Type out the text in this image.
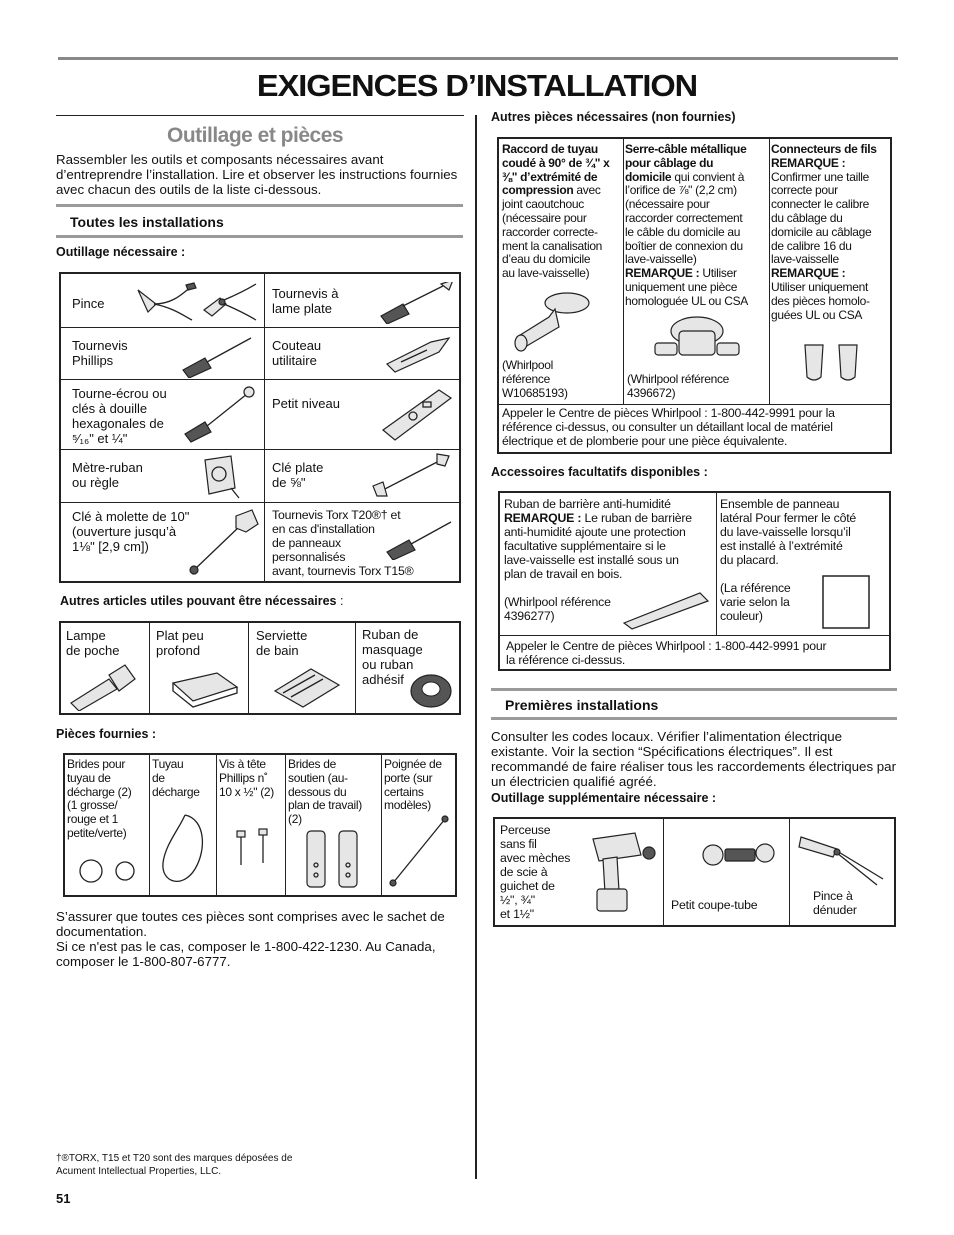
EXIGENCES D’INSTALLATION
Outillage et pièces
Rassembler les outils et composants nécessaires avant d’entreprendre l’installation. Lire et observer les instructions fournies avec chacun des outils de la liste ci-dessous.
Toutes les installations
Outillage nécessaire :
Pince
Tournevis à
lame plate
Tournevis
Phillips
Couteau
utilitaire
Tourne-écrou ou
clés à douille
hexagonales de
⁵⁄₁₆" et ¼"
Petit niveau
Mètre-ruban
ou règle
Clé plate
de ⅝"
Clé à molette de 10"
(ouverture jusqu’à
1⅛" [2,9 cm])
Tournevis Torx T20®† et
en cas d'installation
de panneaux
personnalisés
avant, tournevis Torx T15®
Autres articles utiles pouvant être nécessaires :
Lampe
de poche
Plat peu
profond
Serviette
de bain
Ruban de
masquage
ou ruban
adhésif
Pièces fournies :
Brides pour
tuyau de
décharge (2)
(1 grosse/
rouge et 1
petite/verte)
Tuyau
de
décharge
Vis à tête
Phillips n˚
10 x ½" (2)
Brides de
soutien (au-
dessous du
plan de travail)
(2)
Poignée de
porte (sur
certains
modèles)
S’assurer que toutes ces pièces sont comprises avec le sachet de documentation.
Si ce n'est pas le cas, composer le 1-800-422-1230. Au Canada, composer le 1-800-807-6777.
†®TORX, T15 et T20 sont des marques déposées de
Acument Intellectual Properties, LLC.
51
Autres pièces nécessaires (non fournies)
Raccord de tuyau
coudé à 90° de ¾" x
⅜" d’extrémité de
compression avec
joint caoutchouc
(nécessaire pour
raccorder correcte-
ment la canalisation
d’eau du domicile
au lave-vaisselle)
(Whirlpool
référence
W10685193)
Serre-câble métallique
pour câblage du
domicile qui convient à
l’orifice de ⅞" (2,2 cm)
(nécessaire pour
raccorder correctement
le câble du domicile au
boîtier de connexion du
lave-vaisselle)
REMARQUE : Utiliser
uniquement une pièce
homologuée UL ou CSA
(Whirlpool référence
4396672)
Connecteurs de fils
REMARQUE :
Confirmer une taille
correcte pour
connecter le calibre
du câblage du
domicile au câblage
de calibre 16 du
lave-vaisselle
REMARQUE :
Utiliser uniquement
des pièces homolo-
guées UL ou CSA
Appeler le Centre de pièces Whirlpool : 1-800-442-9991 pour la
référence ci-dessus, ou consulter un détaillant local de matériel
électrique et de plomberie pour une pièce équivalente.
Accessoires facultatifs disponibles :
Ruban de barrière anti-humidité
REMARQUE : Le ruban de barrière
anti-humidité ajoute une protection
facultative supplémentaire si le
lave-vaisselle est installé sous un
plan de travail en bois.
(Whirlpool référence
4396277)
Ensemble de panneau
latéral Pour fermer le côté
du lave-vaisselle lorsqu’il
est installé à l’extrémité
du placard.
(La référence
varie selon la
couleur)
Appeler le Centre de pièces Whirlpool : 1-800-442-9991 pour
la référence ci-dessus.
Premières installations
Consulter les codes locaux. Vérifier l’alimentation électrique existante. Voir la section “Spécifications électriques”. Il est recommandé de faire réaliser tous les raccordements électriques par un électricien qualifié agréé.
Outillage supplémentaire nécessaire :
Perceuse
sans fil
avec mèches
de scie à
guichet de
½", ¾"
et 1½"
Petit coupe-tube
Pince à
dénuder
